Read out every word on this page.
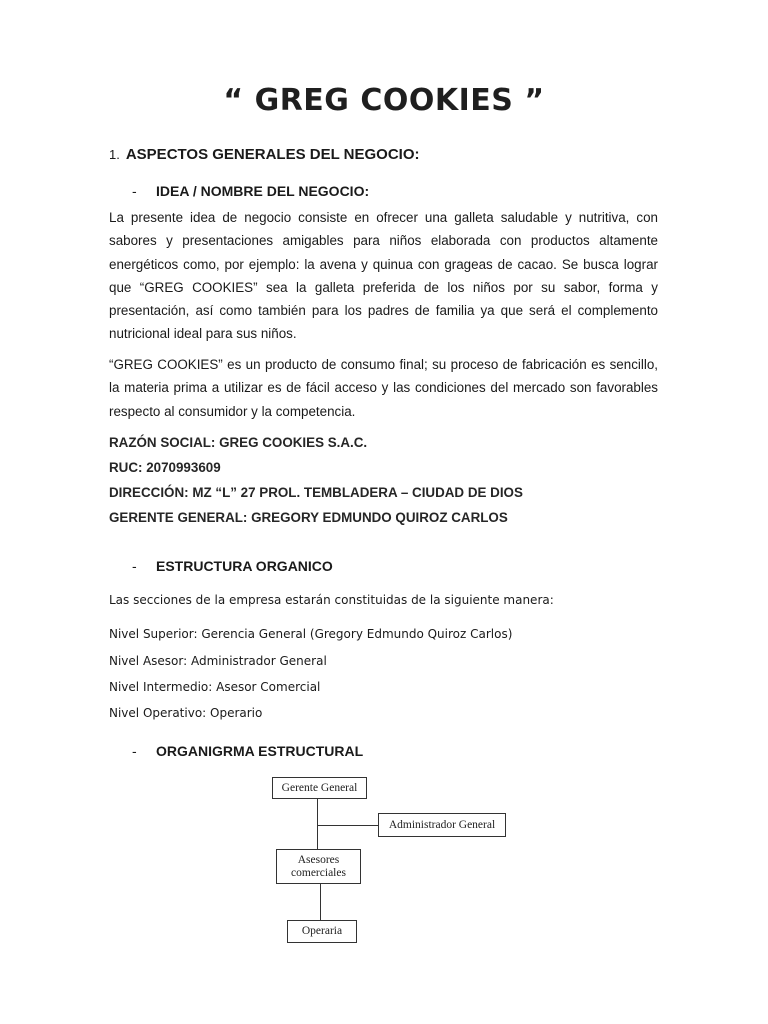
“ GREG COOKIES ”
1. ASPECTOS GENERALES DEL NEGOCIO:
- IDEA / NOMBRE DEL NEGOCIO:

La presente idea de negocio consiste en ofrecer una galleta saludable y nutritiva, con sabores y presentaciones amigables para niños elaborada con productos altamente energéticos como, por ejemplo: la avena y quinua con grageas de cacao. Se busca lograr que “GREG COOKIES” sea la galleta preferida de los niños por su sabor, forma y presentación, así como también para los padres de familia ya que será el complemento nutricional ideal para sus niños.

“GREG COOKIES” es un producto de consumo final; su proceso de fabricación es sencillo, la materia prima a utilizar es de fácil acceso y las condiciones del mercado son favorables respecto al consumidor y la competencia.

RAZÓN SOCIAL: GREG COOKIES S.A.C.
RUC: 2070993609
DIRECCIÓN: MZ “L” 27 PROL. TEMBLADERA – CIUDAD DE DIOS
GERENTE GENERAL: GREGORY EDMUNDO QUIROZ CARLOS
- ESTRUCTURA ORGANICO
Las secciones de la empresa estarán constituidas de la siguiente manera:
Nivel Superior: Gerencia General (Gregory Edmundo Quiroz Carlos)
Nivel Asesor: Administrador General
Nivel Intermedio: Asesor Comercial
Nivel Operativo: Operario
- ORGANIGRMA ESTRUCTURAL
Gerente General
Administrador General
Asesores
comerciales
Operaria
